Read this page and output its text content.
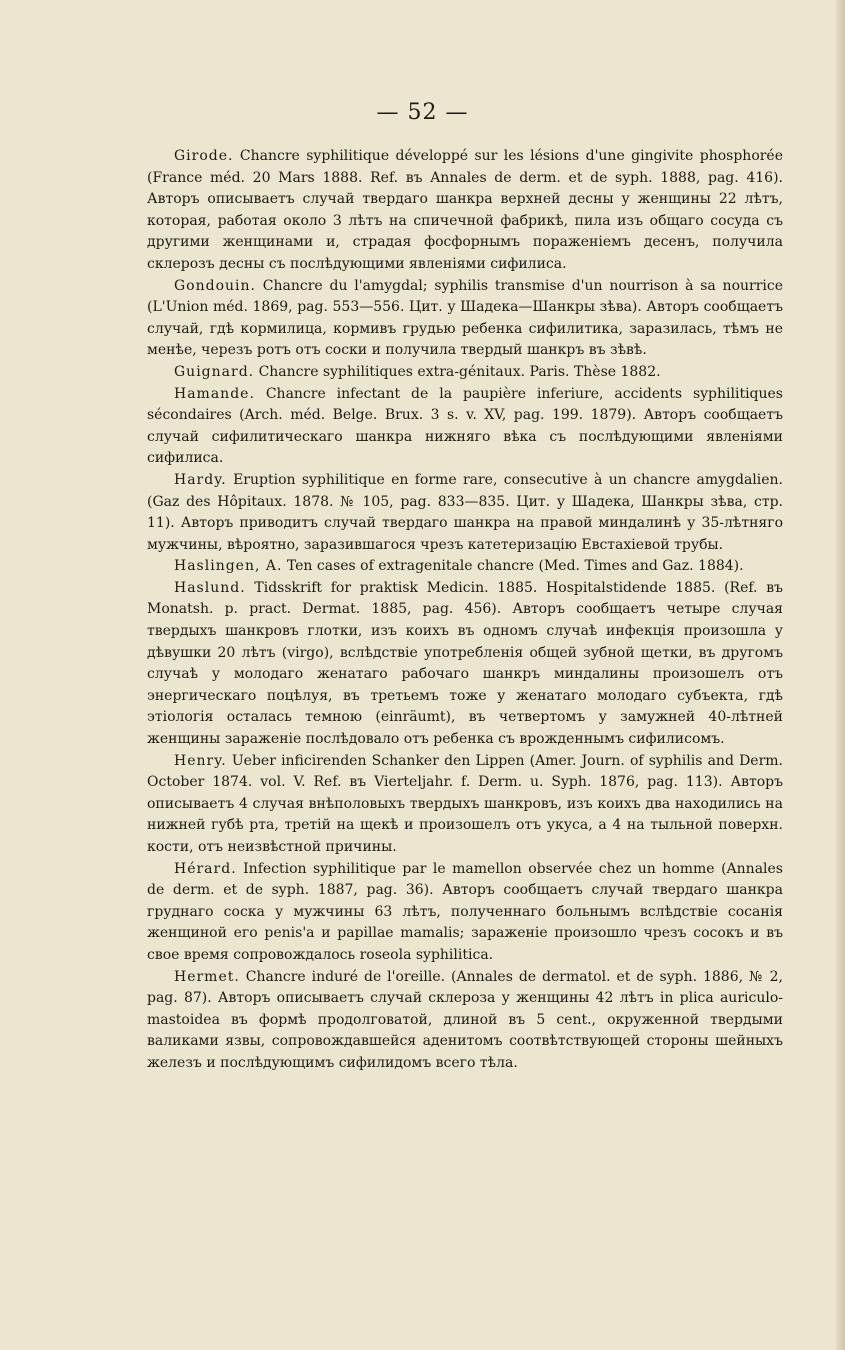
— 52 —

Girode. Chancre syphilitique développé sur les lésions d'une gingivite phosphorée (France méd. 20 Mars 1888. Ref. въ Annales de derm. et de syph. 1888, pag. 416). Авторъ описываетъ случай твердаго шанкра верхней десны у женщины 22 лѣтъ, которая, работая около 3 лѣтъ на спичечной фабрикѣ, пила изъ общаго сосуда съ другими женщинами и, страдая фосфорнымъ пораженіемъ десенъ, получила склерозъ десны съ послѣдующими явленіями сифилиса.

Gondouin. Chancre du l'amygdal; syphilis transmise d'un nourrison à sa nourrice (L'Union méd. 1869, pag. 553—556. Цит. у Шадека—Шанкры зѣва). Авторъ сообщаетъ случай, гдѣ кормилица, кормивъ грудью ребенка сифилитика, заразилась, тѣмъ не менѣе, черезъ ротъ отъ соски и получила твердый шанкръ въ зѣвѣ.

Guignard. Chancre syphilitiques extra-génitaux. Paris. Thèse 1882.

Hamande. Chancre infectant de la paupière inferiure, accidents syphilitiques sécondaires (Arch. méd. Belge. Brux. 3 s. v. XV, pag. 199. 1879). Авторъ сообщаетъ случай сифилитическаго шанкра нижняго вѣка съ послѣдующими явленіями сифилиса.

Hardy. Eruption syphilitique en forme rare, consecutive à un chancre amygdalien. (Gaz des Hôpitaux. 1878. № 105, pag. 833—835. Цит. у Шадека, Шанкры зѣва, стр. 11). Авторъ приводитъ случай твердаго шанкра на правой миндалинѣ у 35-лѣтняго мужчины, вѣроятно, заразившагося чрезъ катетеризацію Евстахіевой трубы.

Haslingen, A. Ten cases of extragenitale chancre (Med. Times and Gaz. 1884).

Haslund. Tidsskrift for praktisk Medicin. 1885. Hospitalstidende 1885. (Ref. въ Monatsh. p. pract. Dermat. 1885, pag. 456). Авторъ сообщаетъ четыре случая твердыхъ шанкровъ глотки, изъ коихъ въ одномъ случаѣ инфекція произошла у дѣвушки 20 лѣтъ (virgo), вслѣдствіе употребленія общей зубной щетки, въ другомъ случаѣ у молодаго женатаго рабочаго шанкръ миндалины произошелъ отъ энергическаго поцѣлуя, въ третьемъ тоже у женатаго молодаго субъекта, гдѣ этіологія осталась темною (einräumt), въ четвертомъ у замужней 40-лѣтней женщины зараженіе послѣдовало отъ ребенка съ врожденнымъ сифилисомъ.

Henry. Ueber inficirenden Schanker den Lippen (Amer. Journ. of syphilis and Derm. October 1874. vol. V. Ref. въ Vierteljahr. f. Derm. u. Syph. 1876, pag. 113). Авторъ описываетъ 4 случая внѣполовыхъ твердыхъ шанкровъ, изъ коихъ два находились на нижней губѣ рта, третій на щекѣ и произошелъ отъ укуса, а 4 на тыльной поверхн. кости, отъ неизвѣстной причины.

Hérard. Infection syphilitique par le mamellon observée chez un homme (Annales de derm. et de syph. 1887, pag. 36). Авторъ сообщаетъ случай твердаго шанкра груднаго соска у мужчины 63 лѣтъ, полученнаго больнымъ вслѣдствіе сосанія женщиной его penis'a и papillae mamalis; зараженіе произошло чрезъ сосокъ и въ свое время сопровождалось roseola syphilitica.

Hermet. Chancre induré de l'oreille. (Annales de dermatol. et de syph. 1886, № 2, pag. 87). Авторъ описываетъ случай склероза у женщины 42 лѣтъ in plica auriculo-mastoidea въ формѣ продолговатой, длиной въ 5 cent., окруженной твердыми валиками язвы, сопровождавшейся аденитомъ соотвѣтствующей стороны шейныхъ железъ и послѣдующимъ сифилидомъ всего тѣла.
